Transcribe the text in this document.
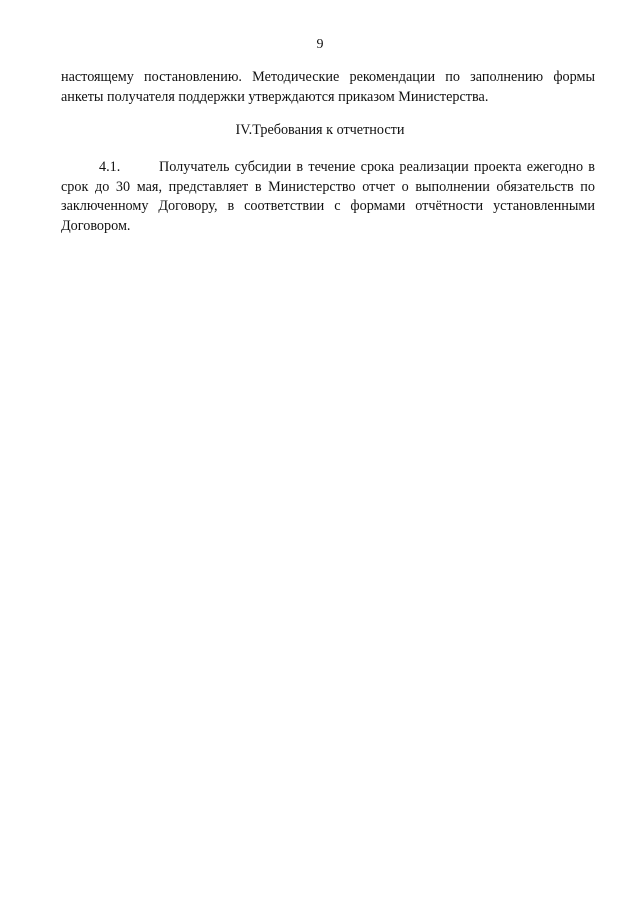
9

настоящему постановлению. Методические рекомендации по заполнению формы анкеты получателя поддержки утверждаются приказом Министерства.

IV.Требования к отчетности

4.1.	Получатель субсидии в течение срока реализации проекта ежегодно в срок до 30 мая, представляет в Министерство отчет о выполнении обязательств по заключенному Договору, в соответствии с формами отчётности установленными Договором.
